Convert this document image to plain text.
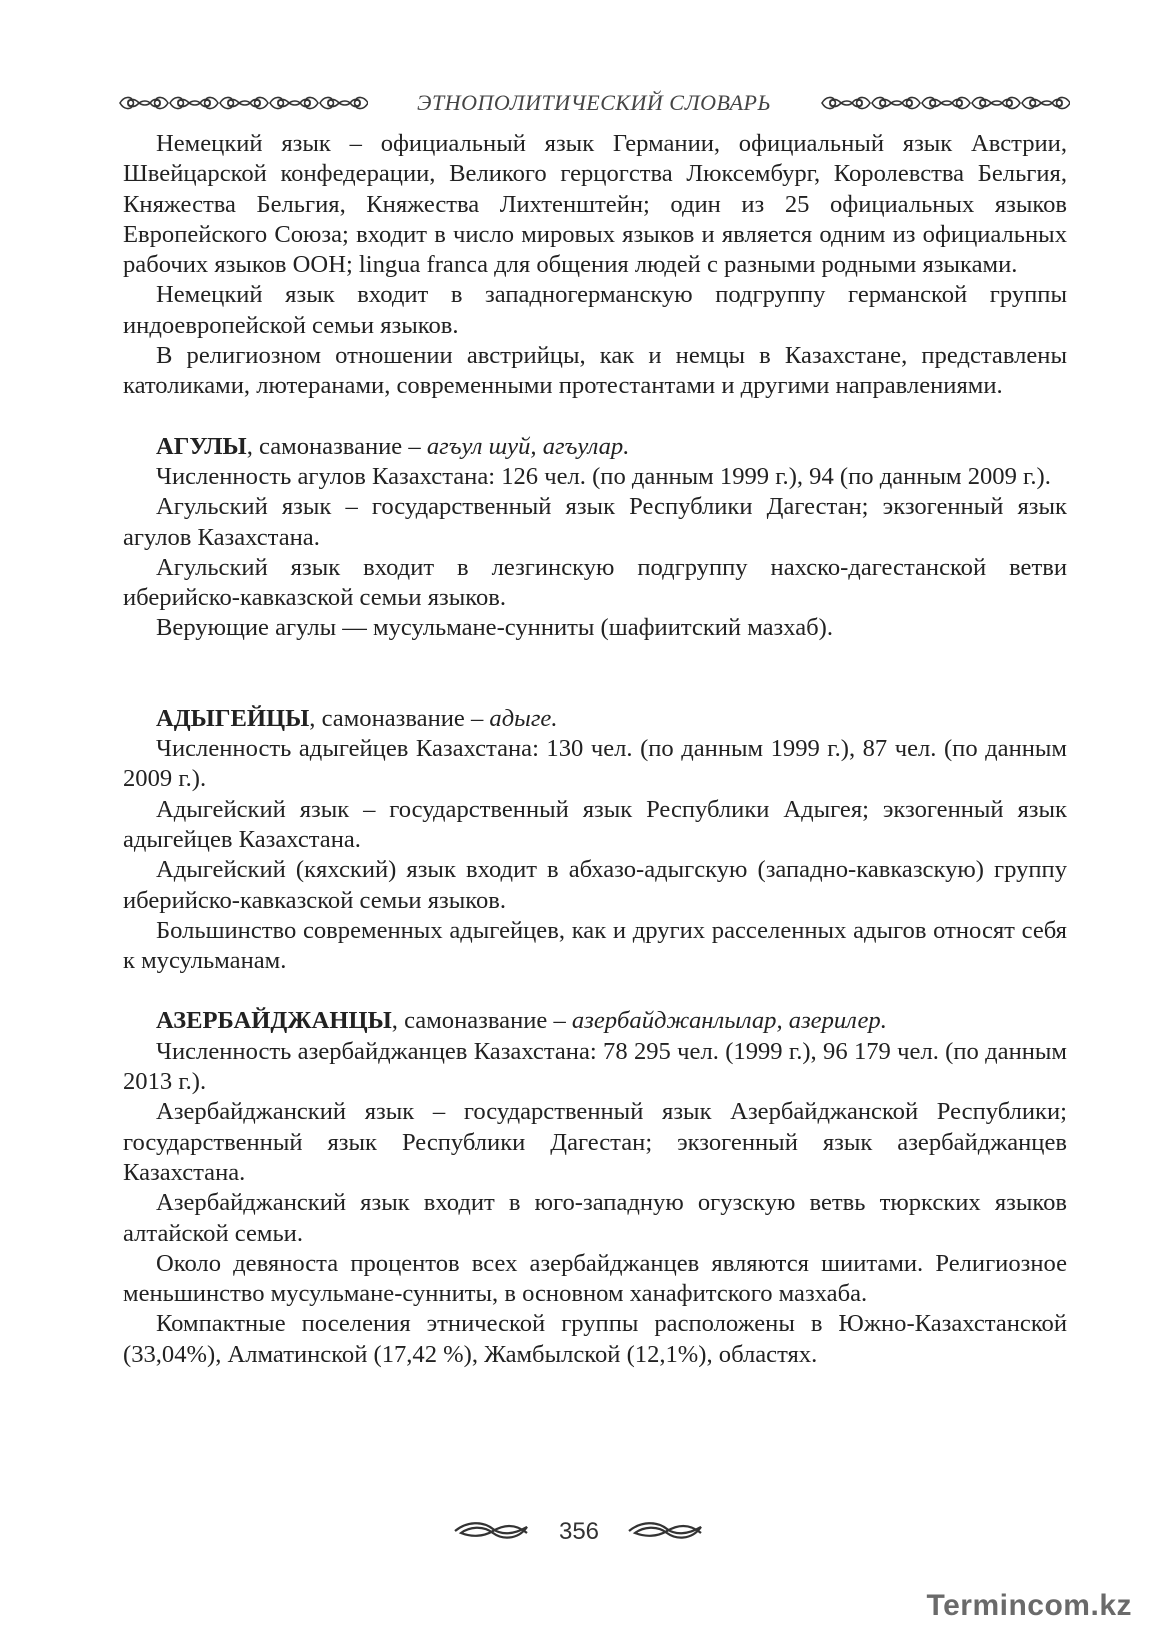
ЭТНОПОЛИТИЧЕСКИЙ СЛОВАРЬ

Немецкий язык – официальный язык Германии, официальный язык Австрии, Швейцарской конфедерации, Великого герцогства Люксембург, Королевства Бельгия, Княжества Бельгия, Княжества Лихтенштейн; один из 25 официальных языков Европейского Союза; входит в число мировых языков и является одним из официальных рабочих языков ООН; lingua franca для общения людей с разными родными языками.

Немецкий язык входит в западногерманскую подгруппу германской группы индоевропейской семьи языков.

В религиозном отношении австрийцы, как и немцы в Казахстане, представлены католиками, лютеранами, современными протестантами и другими направлениями.

АГУЛЫ, самоназвание – агъул шуй, агъулар.

Численность агулов Казахстана: 126 чел. (по данным 1999 г.), 94 (по данным 2009 г.).

Агульский язык – государственный язык Республики Дагестан; экзогенный язык агулов Казахстана.

Агульский язык входит в лезгинскую подгруппу нахско-дагестанской ветви иберийско-кавказской семьи языков.

Верующие агулы — мусульмане-сунниты (шафиитский мазхаб).

АДЫГЕЙЦЫ, самоназвание – адыге.

Численность адыгейцев Казахстана: 130 чел. (по данным 1999 г.), 87 чел. (по данным 2009 г.).

Адыгейский язык – государственный язык Республики Адыгея; экзогенный язык адыгейцев Казахстана.

Адыгейский (кяхский) язык входит в абхазо-адыгскую (западно-кавказскую) группу иберийско-кавказской семьи языков.

Большинство современных адыгейцев, как и других расселенных адыгов относят себя к мусульманам.

АЗЕРБАЙДЖАНЦЫ, самоназвание – азербайджанлылар, азерилер.

Численность азербайджанцев Казахстана: 78 295 чел. (1999 г.), 96 179 чел. (по данным 2013 г.).

Азербайджанский язык – государственный язык Азербайджанской Республики; государственный язык Республики Дагестан; экзогенный язык азербайджанцев Казахстана.

Азербайджанский язык входит в юго-западную огузскую ветвь тюркских языков алтайской семьи.

Около девяноста процентов всех азербайджанцев являются шиитами. Религиозное меньшинство мусульмане-сунниты, в основном ханафитского мазхаба.

Компактные поселения этнической группы расположены в Южно-Казахстанской (33,04%), Алматинской (17,42 %), Жамбылской (12,1%), областях.

356
Termincom.kz
